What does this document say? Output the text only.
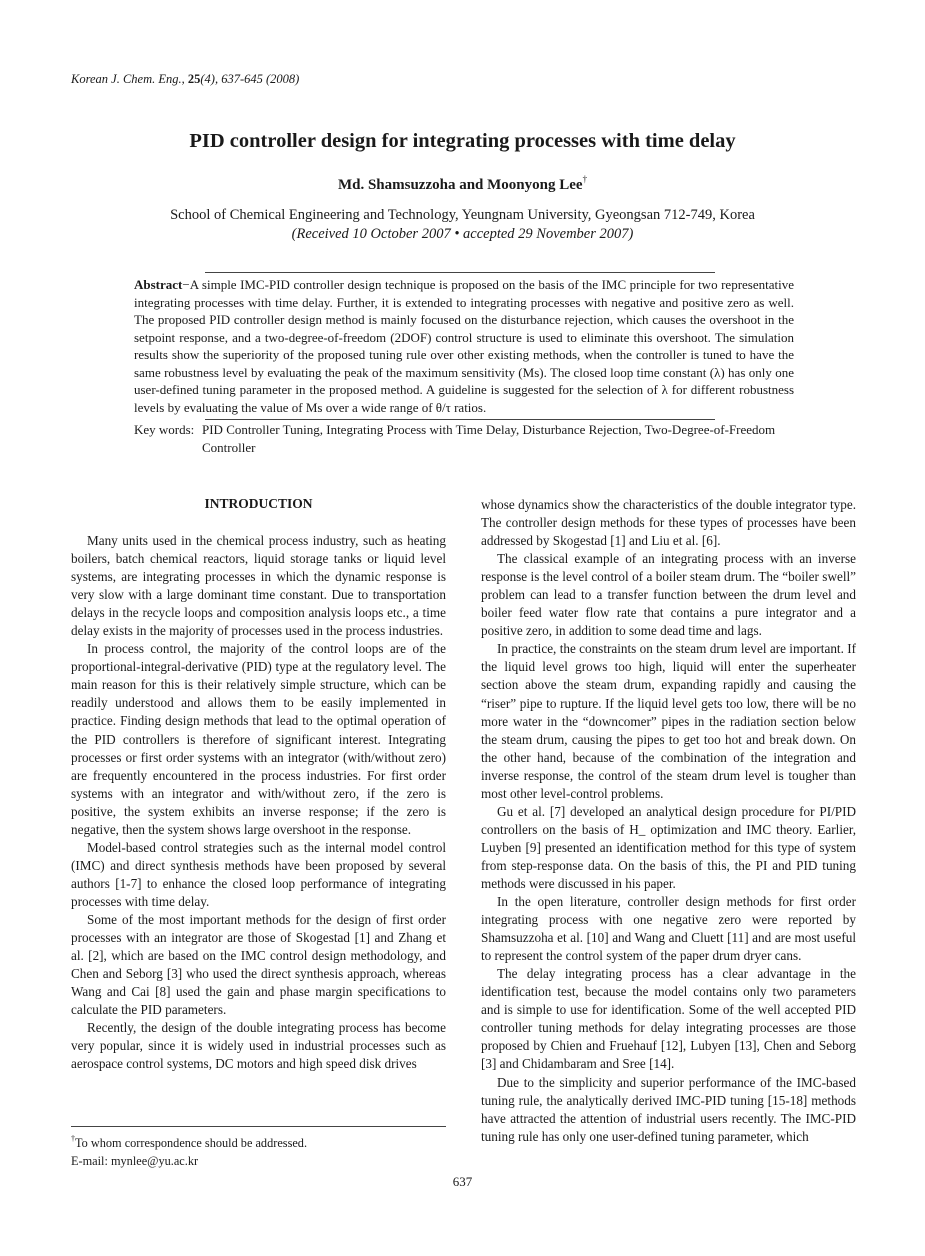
Korean J. Chem. Eng., 25(4), 637-645 (2008)
PID controller design for integrating processes with time delay
Md. Shamsuzzoha and Moonyong Lee†
School of Chemical Engineering and Technology, Yeungnam University, Gyeongsan 712-749, Korea
(Received 10 October 2007 • accepted 29 November 2007)
Abstract−A simple IMC-PID controller design technique is proposed on the basis of the IMC principle for two representative integrating processes with time delay. Further, it is extended to integrating processes with negative and positive zero as well. The proposed PID controller design method is mainly focused on the disturbance rejection, which causes the overshoot in the setpoint response, and a two-degree-of-freedom (2DOF) control structure is used to eliminate this overshoot. The simulation results show the superiority of the proposed tuning rule over other existing methods, when the controller is tuned to have the same robustness level by evaluating the peak of the maximum sensitivity (Ms). The closed loop time constant (λ) has only one user-defined tuning parameter in the proposed method. A guideline is suggested for the selection of λ for different robustness levels by evaluating the value of Ms over a wide range of θ/τ ratios.
Key words: PID Controller Tuning, Integrating Process with Time Delay, Disturbance Rejection, Two-Degree-of-Freedom Controller
INTRODUCTION

Many units used in the chemical process industry, such as heating boilers, batch chemical reactors, liquid storage tanks or liquid level systems, are integrating processes in which the dynamic response is very slow with a large dominant time constant. Due to transportation delays in the recycle loops and composition analysis loops etc., a time delay exists in the majority of processes used in the process industries.

In process control, the majority of the control loops are of the proportional-integral-derivative (PID) type at the regulatory level. The main reason for this is their relatively simple structure, which can be readily understood and allows them to be easily implemented in practice. Finding design methods that lead to the optimal operation of the PID controllers is therefore of significant interest. Integrating processes or first order systems with an integrator (with/without zero) are frequently encountered in the process industries. For first order systems with an integrator and with/without zero, if the zero is positive, the system exhibits an inverse response; if the zero is negative, then the system shows large overshoot in the response.

Model-based control strategies such as the internal model control (IMC) and direct synthesis methods have been proposed by several authors [1-7] to enhance the closed loop performance of integrating processes with time delay.

Some of the most important methods for the design of first order processes with an integrator are those of Skogestad [1] and Zhang et al. [2], which are based on the IMC control design methodology, and Chen and Seborg [3] who used the direct synthesis approach, whereas Wang and Cai [8] used the gain and phase margin specifications to calculate the PID parameters.

Recently, the design of the double integrating process has become very popular, since it is widely used in industrial processes such as aerospace control systems, DC motors and high speed disk drives

whose dynamics show the characteristics of the double integrator type. The controller design methods for these types of processes have been addressed by Skogestad [1] and Liu et al. [6].

The classical example of an integrating process with an inverse response is the level control of a boiler steam drum. The “boiler swell” problem can lead to a transfer function between the drum level and boiler feed water flow rate that contains a pure integrator and a positive zero, in addition to some dead time and lags.

In practice, the constraints on the steam drum level are important. If the liquid level grows too high, liquid will enter the superheater section above the steam drum, expanding rapidly and causing the “riser” pipe to rupture. If the liquid level gets too low, there will be no more water in the “downcomer” pipes in the radiation section below the steam drum, causing the pipes to get too hot and break down. On the other hand, because of the combination of the integration and inverse response, the control of the steam drum level is tougher than most other level-control problems.

Gu et al. [7] developed an analytical design procedure for PI/PID controllers on the basis of H_ optimization and IMC theory. Earlier, Luyben [9] presented an identification method for this type of system from step-response data. On the basis of this, the PI and PID tuning methods were discussed in his paper.

In the open literature, controller design methods for first order integrating process with one negative zero were reported by Shamsuzzoha et al. [10] and Wang and Cluett [11] and are most useful to represent the control system of the paper drum dryer cans.

The delay integrating process has a clear advantage in the identification test, because the model contains only two parameters and is simple to use for identification. Some of the well accepted PID controller tuning methods for delay integrating processes are those proposed by Chien and Fruehauf [12], Lubyen [13], Chen and Seborg [3] and Chidambaram and Sree [14].

Due to the simplicity and superior performance of the IMC-based tuning rule, the analytically derived IMC-PID tuning [15-18] methods have attracted the attention of industrial users recently. The IMC-PID tuning rule has only one user-defined tuning parameter, which

†To whom correspondence should be addressed.
E-mail: mynlee@yu.ac.kr
637
